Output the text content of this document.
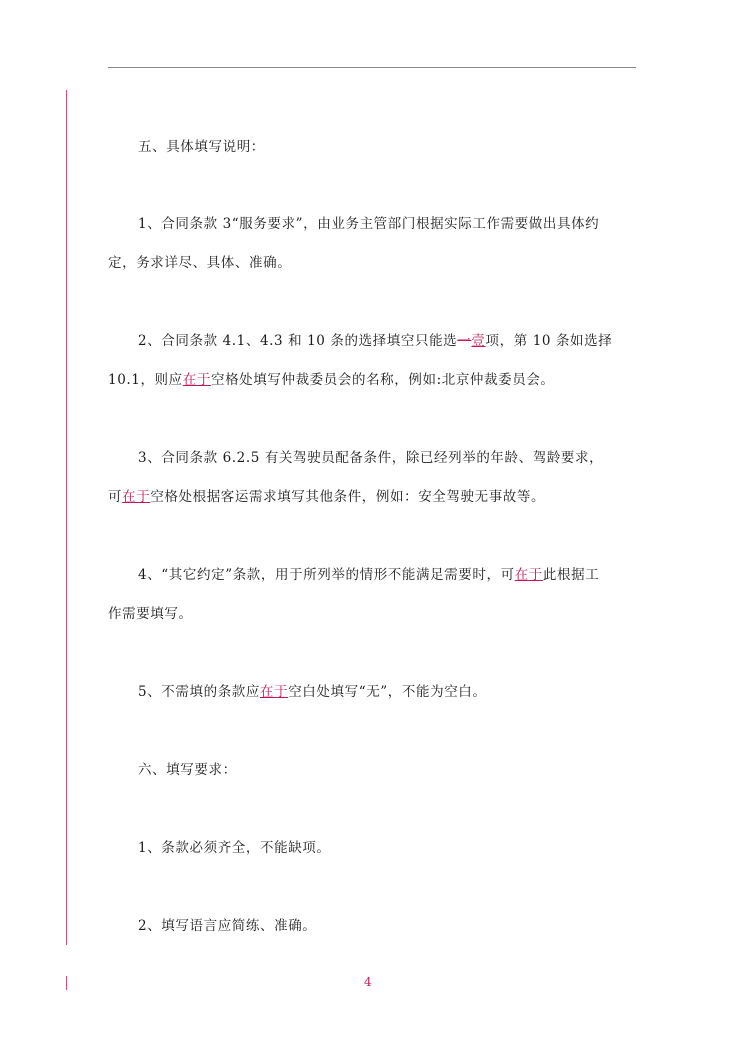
五、具体填写说明：
1、合同条款 3“服务要求”，由业务主管部门根据实际工作需要做出具体约
定，务求详尽、具体、准确。
2、合同条款 4.1、4.3 和 10 条的选择填空只能选一壹项，第 10 条如选择
10.1，则应在于空格处填写仲裁委员会的名称，例如:北京仲裁委员会。
3、合同条款 6.2.5 有关驾驶员配备条件，除已经列举的年龄、驾龄要求，
可在于空格处根据客运需求填写其他条件，例如：安全驾驶无事故等。
4、“其它约定”条款，用于所列举的情形不能满足需要时，可在于此根据工
作需要填写。
5、不需填的条款应在于空白处填写“无”，不能为空白。
六、填写要求：
1、条款必须齐全，不能缺项。
2、填写语言应简练、准确。
4
